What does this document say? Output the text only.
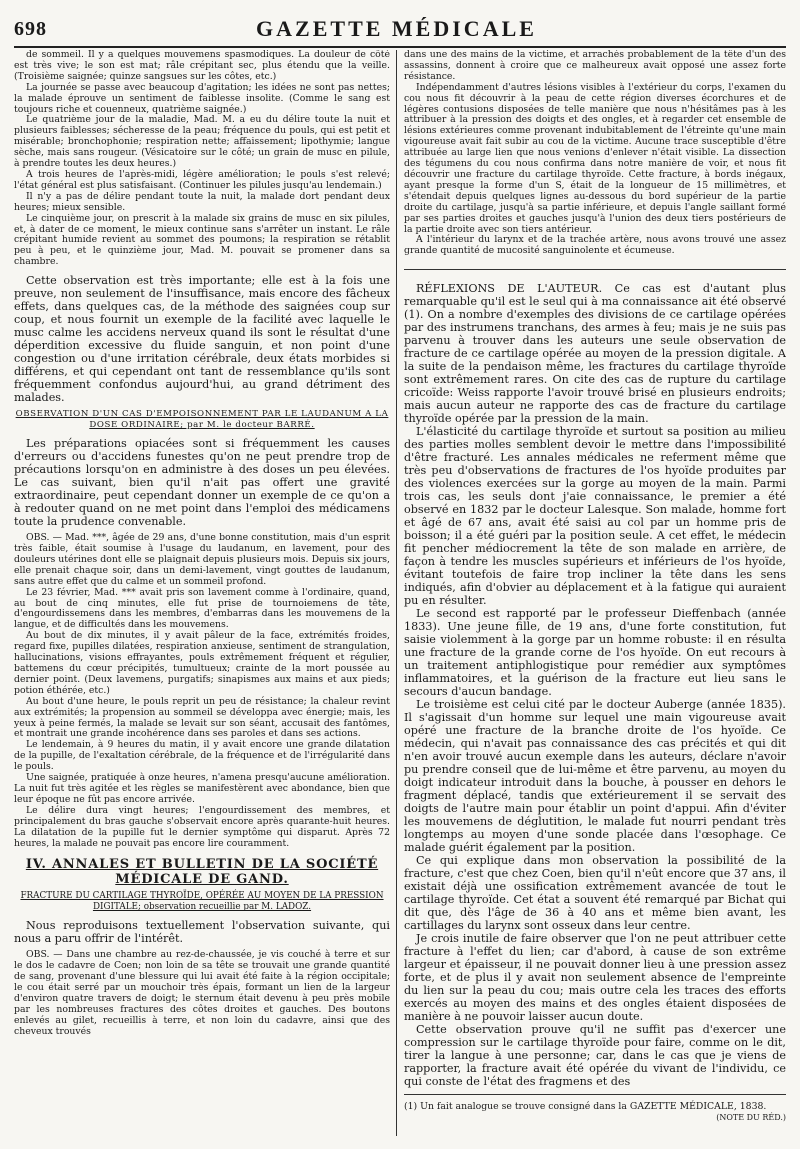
698	GAZETTE MÉDICALE

de sommeil. Il y a quelques mouvemens spasmodiques. La douleur de côté est très vive; le son est mat; râle crépitant sec, plus étendu que la veille. (Troisième saignée; quinze sangsues sur les côtes, etc.)

La journée se passe avec beaucoup d'agitation; les idées ne sont pas nettes; la malade éprouve un sentiment de faiblesse insolite. (Comme le sang est toujours riche et couenneux, quatrième saignée.)

Le quatrième jour de la maladie, Mad. M. a eu du délire toute la nuit et plusieurs faiblesses; sécheresse de la peau; fréquence du pouls, qui est petit et misérable; bronchophonie; respiration nette; affaissement; lipothymie; langue sèche, mais sans rougeur. (Vésicatoire sur le côté; un grain de musc en pilule, à prendre toutes les deux heures.)

A trois heures de l'après-midi, légère amélioration; le pouls s'est relevé; l'état général est plus satisfaisant. (Continuer les pilules jusqu'au lendemain.)

Il n'y a pas de délire pendant toute la nuit, la malade dort pendant deux heures; mieux sensible.

Le cinquième jour, on prescrit à la malade six grains de musc en six pilules, et, à dater de ce moment, le mieux continue sans s'arrêter un instant. Le râle crépitant humide revient au sommet des poumons; la respiration se rétablit peu à peu, et le quinzième jour, Mad. M. pouvait se promener dans sa chambre.

Cette observation est très importante; elle est à la fois une preuve, non seulement de l'insuffisance, mais encore des fâcheux effets, dans quelques cas, de la méthode des saignées coup sur coup, et nous fournit un exemple de la facilité avec laquelle le musc calme les accidens nerveux quand ils sont le résultat d'une déperdition excessive du fluide sanguin, et non point d'une congestion ou d'une irritation cérébrale, deux états morbides si différens, et qui cependant ont tant de ressemblance qu'ils sont fréquemment confondus aujourd'hui, au grand détriment des malades.

OBSERVATION D'UN CAS D'EMPOISONNEMENT PAR LE LAUDANUM A LA DOSE ORDINAIRE; par M. le docteur BARRÉ.

Les préparations opiacées sont si fréquemment les causes d'erreurs ou d'accidens funestes qu'on ne peut prendre trop de précautions lorsqu'on en administre à des doses un peu élevées. Le cas suivant, bien qu'il n'ait pas offert une gravité extraordinaire, peut cependant donner un exemple de ce qu'on a à redouter quand on ne met point dans l'emploi des médicamens toute la prudence convenable.

OBS. — Mad. ***, âgée de 29 ans, d'une bonne constitution, mais d'un esprit très faible, était soumise à l'usage du laudanum, en lavement, pour des douleurs utérines dont elle se plaignait depuis plusieurs mois. Depuis six jours, elle prenait chaque soir, dans un demi-lavement, vingt gouttes de laudanum, sans autre effet que du calme et un sommeil profond.

Le 23 février, Mad. *** avait pris son lavement comme à l'ordinaire, quand, au bout de cinq minutes, elle fut prise de tournoiemens de tête, d'engourdissemens dans les membres, d'embarras dans les mouvemens de la langue, et de difficultés dans les mouvemens.

Au bout de dix minutes, il y avait pâleur de la face, extrémités froides, regard fixe, pupilles dilatées, respiration anxieuse, sentiment de strangulation, hallucinations, visions effrayantes, pouls extrêmement fréquent et régulier, battemens du cœur précipités, tumultueux; crainte de la mort poussée au dernier point. (Deux lavemens, purgatifs; sinapismes aux mains et aux pieds; potion éthérée, etc.)

Au bout d'une heure, le pouls reprit un peu de résistance; la chaleur revint aux extrémités; la propension au sommeil se développa avec énergie; mais, les yeux à peine fermés, la malade se levait sur son séant, accusait des fantômes, et montrait une grande incohérence dans ses paroles et dans ses actions.

Le lendemain, à 9 heures du matin, il y avait encore une grande dilatation de la pupille, de l'exaltation cérébrale, de la fréquence et de l'irrégularité dans le pouls.

Une saignée, pratiquée à onze heures, n'amena presqu'aucune amélioration. La nuit fut très agitée et les règles se manifestèrent avec abondance, bien que leur époque ne fût pas encore arrivée.

Le délire dura vingt heures; l'engourdissement des membres, et principalement du bras gauche s'observait encore après quarante-huit heures. La dilatation de la pupille fut le dernier symptôme qui disparut. Après 72 heures, la malade ne pouvait pas encore lire couramment.

IV. ANNALES ET BULLETIN DE LA SOCIÉTÉ MÉDICALE DE GAND.
FRACTURE DU CARTILAGE THYROÏDE, OPÉRÉE AU MOYEN DE LA PRESSION DIGITALE; observation recueillie par M. LADOZ.

Nous reproduisons textuellement l'observation suivante, qui nous a paru offrir de l'intérêt.

OBS. — Dans une chambre au rez-de-chaussée, je vis couché à terre et sur le dos le cadavre de Coen; non loin de sa tête se trouvait une grande quantité de sang, provenant d'une blessure qui lui avait été faite à la région occipitale; le cou était serré par un mouchoir très épais, formant un lien de la largeur d'environ quatre travers de doigt; le sternum était devenu à peu près mobile par les nombreuses fractures des côtes droites et gauches. Des boutons enlevés au gilet, recueillis à terre, et non loin du cadavre, ainsi que des cheveux trouvés

dans une des mains de la victime, et arrachés probablement de la tête d'un des assassins, donnent à croire que ce malheureux avait opposé une assez forte résistance.

Indépendamment d'autres lésions visibles à l'extérieur du corps, l'examen du cou nous fit découvrir à la peau de cette région diverses écorchures et de légères contusions disposées de telle manière que nous n'hésitâmes pas à les attribuer à la pression des doigts et des ongles, et à regarder cet ensemble de lésions extérieures comme provenant indubitablement de l'étreinte qu'une main vigoureuse avait fait subir au cou de la victime. Aucune trace susceptible d'être attribuée au large lien que nous venions d'enlever n'était visible. La dissection des tégumens du cou nous confirma dans notre manière de voir, et nous fit découvrir une fracture du cartilage thyroïde. Cette fracture, à bords inégaux, ayant presque la forme d'un S, était de la longueur de 15 millimètres, et s'étendait depuis quelques lignes au-dessous du bord supérieur de la partie droite du cartilage, jusqu'à sa partie inférieure, et depuis l'angle saillant formé par ses parties droites et gauches jusqu'à l'union des deux tiers postérieurs de la partie droite avec son tiers antérieur.

A l'intérieur du larynx et de la trachée artère, nous avons trouvé une assez grande quantité de mucosité sanguinolente et écumeuse.

RÉFLEXIONS DE L'AUTEUR. Ce cas est d'autant plus remarquable qu'il est le seul qui à ma connaissance ait été observé (1). On a nombre d'exemples des divisions de ce cartilage opérées par des instrumens tranchans, des armes à feu; mais je ne suis pas parvenu à trouver dans les auteurs une seule observation de fracture de ce cartilage opérée au moyen de la pression digitale. A la suite de la pendaison même, les fractures du cartilage thyroïde sont extrêmement rares. On cite des cas de rupture du cartilage cricoïde: Weiss rapporte l'avoir trouvé brisé en plusieurs endroits; mais aucun auteur ne rapporte des cas de fracture du cartilage thyroïde opérée par la pression de la main.

L'élasticité du cartilage thyroïde et surtout sa position au milieu des parties molles semblent devoir le mettre dans l'impossibilité d'être fracturé. Les annales médicales ne referment même que très peu d'observations de fractures de l'os hyoïde produites par des violences exercées sur la gorge au moyen de la main. Parmi trois cas, les seuls dont j'aie connaissance, le premier a été observé en 1832 par le docteur Lalesque. Son malade, homme fort et âgé de 67 ans, avait été saisi au col par un homme pris de boisson; il a été guéri par la position seule. A cet effet, le médecin fit pencher médiocrement la tête de son malade en arrière, de façon à tendre les muscles supérieurs et inférieurs de l'os hyoïde, évitant toutefois de faire trop incliner la tête dans les sens indiqués, afin d'obvier au déplacement et à la fatigue qui auraient pu en résulter.

Le second est rapporté par le professeur Dieffenbach (année 1833). Une jeune fille, de 19 ans, d'une forte constitution, fut saisie violemment à la gorge par un homme robuste: il en résulta une fracture de la grande corne de l'os hyoïde. On eut recours à un traitement antiphlogistique pour remédier aux symptômes inflammatoires, et la guérison de la fracture eut lieu sans le secours d'aucun bandage.

Le troisième est celui cité par le docteur Auberge (année 1835). Il s'agissait d'un homme sur lequel une main vigoureuse avait opéré une fracture de la branche droite de l'os hyoïde. Ce médecin, qui n'avait pas connaissance des cas précités et qui dit n'en avoir trouvé aucun exemple dans les auteurs, déclare n'avoir pu prendre conseil que de lui-même et être parvenu, au moyen du doigt indicateur introduit dans la bouche, à pousser en dehors le fragment déplacé, tandis que extérieurement il se servait des doigts de l'autre main pour établir un point d'appui. Afin d'éviter les mouvemens de déglutition, le malade fut nourri pendant très longtemps au moyen d'une sonde placée dans l'œsophage. Ce malade guérit également par la position.

Ce qui explique dans mon observation la possibilité de la fracture, c'est que chez Coen, bien qu'il n'eût encore que 37 ans, il existait déjà une ossification extrêmement avancée de tout le cartilage thyroïde. Cet état a souvent été remarqué par Bichat qui dit que, dès l'âge de 36 à 40 ans et même bien avant, les cartillages du larynx sont osseux dans leur centre.

Je crois inutile de faire observer que l'on ne peut attribuer cette fracture à l'effet du lien; car d'abord, à cause de son extrême largeur et épaisseur, il ne pouvait donner lieu à une pression assez forte, et de plus il y avait non seulement absence de l'empreinte du lien sur la peau du cou; mais outre cela les traces des efforts exercés au moyen des mains et des ongles étaient disposées de manière à ne pouvoir laisser aucun doute.

Cette observation prouve qu'il ne suffit pas d'exercer une compression sur le cartilage thyroïde pour faire, comme on le dit, tirer la langue à une personne; car, dans le cas que je viens de rapporter, la fracture avait été opérée du vivant de l'individu, ce qui conste de l'état des fragmens et des

(1) Un fait analogue se trouve consigné dans la GAZETTE MÉDICALE, 1838.
(NOTE DU RÉD.)
